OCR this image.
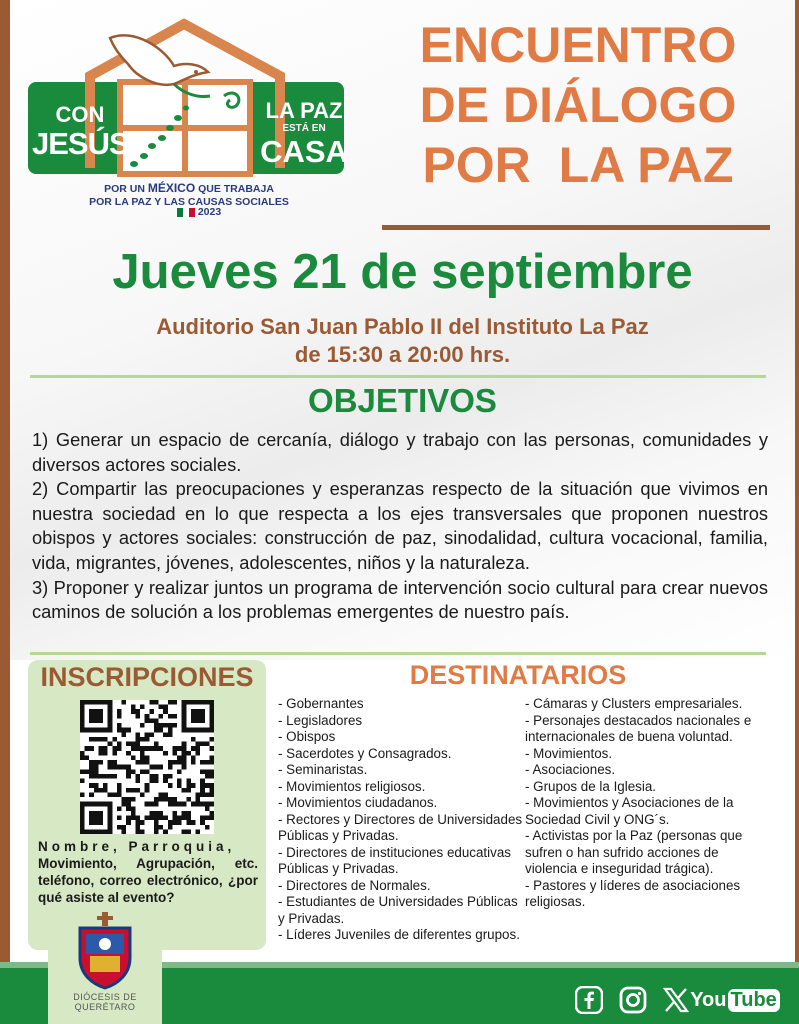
CON
JESÚS
LA PAZ
ESTÁ EN
CASA
POR UN MÉXICO QUE TRABAJA
POR LA PAZ Y LAS CAUSAS SOCIALES
2023
ENCUENTRO
DE DIÁLOGO
POR  LA PAZ
Jueves 21 de septiembre
Auditorio San Juan Pablo II del Instituto La Paz
de 15:30 a 20:00 hrs.
OBJETIVOS

1) Generar un espacio de cercanía, diálogo y trabajo con las personas, comunidades y diversos actores sociales.

2) Compartir las preocupaciones y esperanzas respecto de la situación que vivimos en nuestra sociedad en lo que respecta a los ejes transversales que proponen nuestros obispos y actores sociales: construcción de paz, sinodalidad, cultura vocacional, familia, vida, migrantes, jóvenes, adolescentes, niños y la naturaleza.

3) Proponer y realizar juntos un programa de intervención socio cultural para crear nuevos caminos de solución a los problemas emergentes de nuestro país.

INSCRIPCIONES
Nombre, Parroquia,
Movimiento, Agrupación, etc. teléfono, correo electrónico, ¿por qué asiste al evento?
DESTINATARIOS
- Gobernantes
- Legisladores
- Obispos
- Sacerdotes y Consagrados.
- Seminaristas.
- Movimientos religiosos.
- Movimientos ciudadanos.
- Rectores y Directores de Universidades Públicas y Privadas.
- Directores de instituciones educativas Públicas y Privadas.
- Directores de Normales.
- Estudiantes de Universidades Públicas y Privadas.
- Líderes Juveniles de diferentes grupos.
- Cámaras y Clusters empresariales.
- Personajes destacados nacionales e internacionales de buena voluntad.
- Movimientos.
- Asociaciones.
- Grupos de la Iglesia.
- Movimientos y Asociaciones de la Sociedad Civil y ONG´s.
- Activistas por la Paz (personas que sufren o han sufrido acciones de violencia e inseguridad trágica).
- Pastores y líderes de asociaciones religiosas.
DIÓCESIS DE
QUERÉTARO	You Tube
